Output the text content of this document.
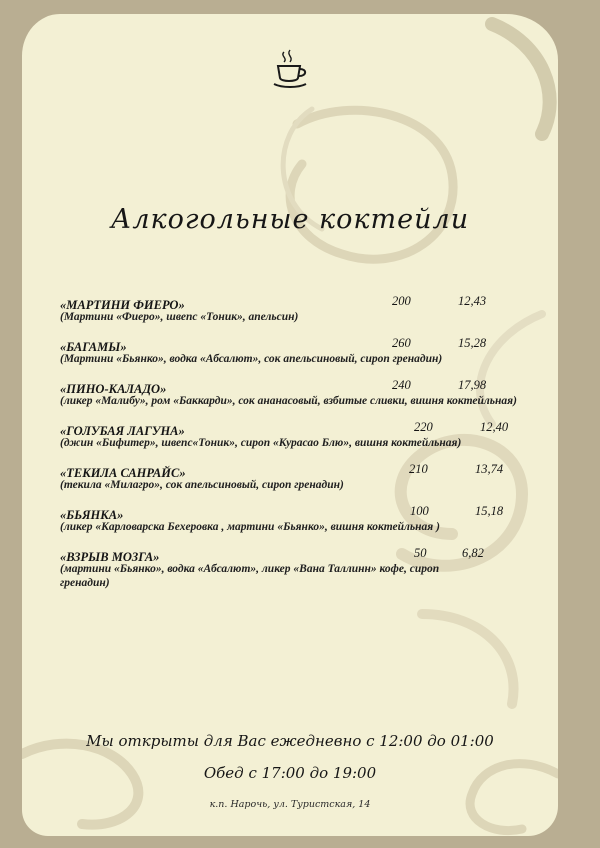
Алкогольные коктейли
«МАРТИНИ ФИЕРО»	200	12,43
(Мартини «Фиеро», швепс «Тоник», апельсин)
«БАГАМЫ»	260	15,28
(Мартини «Бьянко», водка «Абсалют», сок апельсиновый, сироп гренадин)
«ПИНО-КАЛАДО»	240	17,98
(ликер «Малибу», ром «Баккарди», сок ананасовый, взбитые сливки, вишня коктейльная)
«ГОЛУБАЯ ЛАГУНА»	220	12,40
(джин «Бифитер», швепс«Тоник», сироп «Курасао Блю», вишня коктейльная)
«ТЕКИЛА САНРАЙС»	210	13,74
(текила «Милагро», сок апельсиновый, сироп гренадин)
«БЬЯНКА»	100	15,18
(ликер «Карловарска Бехеровка , мартини «Бьянко», вишня коктейльная )
«ВЗРЫВ МОЗГА»	50	6,82
(мартини «Бьянко», водка «Абсалют», ликер «Вана Таллинн» кофе, сироп гренадин)
Мы открыты для Вас ежедневно с 12:00 до 01:00
Обед с 17:00 до 19:00
к.п. Нарочь, ул. Туристская, 14
